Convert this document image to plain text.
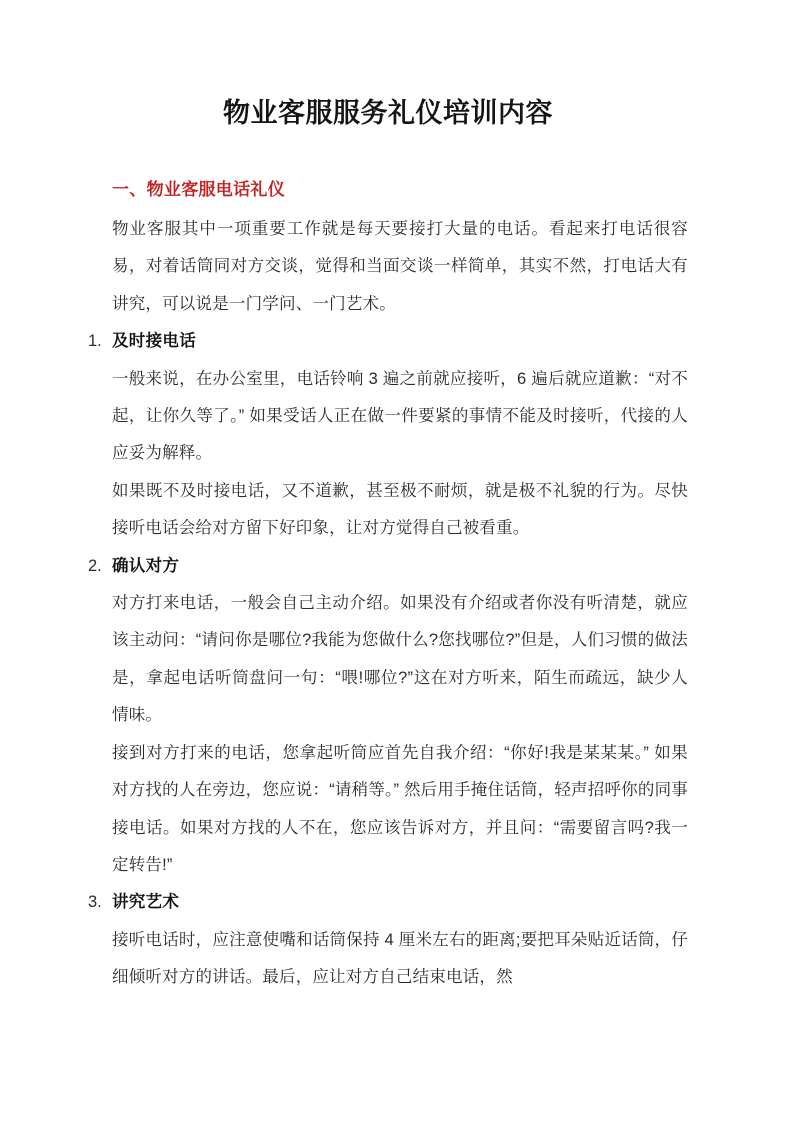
物业客服服务礼仪培训内容
一、物业客服电话礼仪

物业客服其中一项重要工作就是每天要接打大量的电话。看起来打电话很容易，对着话筒同对方交谈，觉得和当面交谈一样简单，其实不然，打电话大有讲究，可以说是一门学问、一门艺术。

1. 及时接电话

一般来说，在办公室里，电话铃响 3 遍之前就应接听，6 遍后就应道歉：“对不起，让你久等了。” 如果受话人正在做一件要紧的事情不能及时接听，代接的人应妥为解释。

如果既不及时接电话，又不道歉，甚至极不耐烦，就是极不礼貌的行为。尽快接听电话会给对方留下好印象，让对方觉得自己被看重。

2. 确认对方

对方打来电话，一般会自己主动介绍。如果没有介绍或者你没有听清楚，就应该主动问：“请问你是哪位?我能为您做什么?您找哪位?”但是，人们习惯的做法是，拿起电话听筒盘问一句：“喂!哪位?”这在对方听来，陌生而疏远，缺少人情味。

接到对方打来的电话，您拿起听筒应首先自我介绍：“你好!我是某某某。” 如果对方找的人在旁边，您应说：“请稍等。” 然后用手掩住话筒，轻声招呼你的同事接电话。如果对方找的人不在，您应该告诉对方，并且问：“需要留言吗?我一定转告!”

3. 讲究艺术

接听电话时，应注意使嘴和话筒保持 4 厘米左右的距离;要把耳朵贴近话筒，仔细倾听对方的讲话。最后，应让对方自己结束电话，然
